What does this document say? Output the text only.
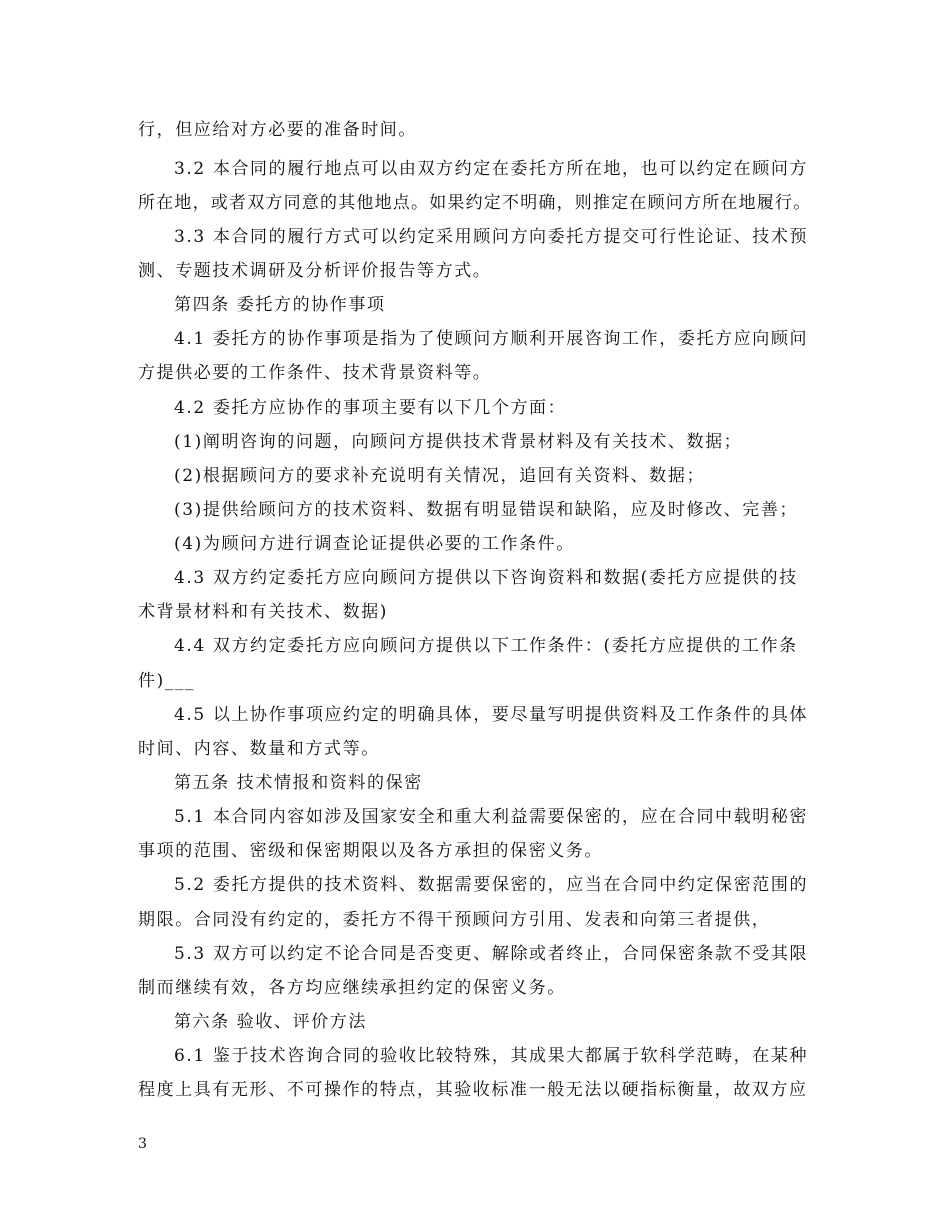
行，但应给对方必要的准备时间。
3.2 本合同的履行地点可以由双方约定在委托方所在地，也可以约定在顾问方
所在地，或者双方同意的其他地点。如果约定不明确，则推定在顾问方所在地履行。
3.3 本合同的履行方式可以约定采用顾问方向委托方提交可行性论证、技术预
测、专题技术调研及分析评价报告等方式。
第四条 委托方的协作事项
4.1 委托方的协作事项是指为了使顾问方顺利开展咨询工作，委托方应向顾问
方提供必要的工作条件、技术背景资料等。
4.2 委托方应协作的事项主要有以下几个方面：
(1)阐明咨询的问题，向顾问方提供技术背景材料及有关技术、数据；
(2)根据顾问方的要求补充说明有关情况，追回有关资料、数据；
(3)提供给顾问方的技术资料、数据有明显错误和缺陷，应及时修改、完善；
(4)为顾问方进行调查论证提供必要的工作条件。
4.3 双方约定委托方应向顾问方提供以下咨询资料和数据(委托方应提供的技
术背景材料和有关技术、数据)
4.4 双方约定委托方应向顾问方提供以下工作条件：(委托方应提供的工作条
件)___
4.5 以上协作事项应约定的明确具体，要尽量写明提供资料及工作条件的具体
时间、内容、数量和方式等。
第五条 技术情报和资料的保密
5.1 本合同内容如涉及国家安全和重大利益需要保密的，应在合同中载明秘密
事项的范围、密级和保密期限以及各方承担的保密义务。
5.2 委托方提供的技术资料、数据需要保密的，应当在合同中约定保密范围的
期限。合同没有约定的，委托方不得干预顾问方引用、发表和向第三者提供，
5.3 双方可以约定不论合同是否变更、解除或者终止，合同保密条款不受其限
制而继续有效，各方均应继续承担约定的保密义务。
第六条 验收、评价方法
6.1 鉴于技术咨询合同的验收比较特殊，其成果大都属于软科学范畴，在某种
程度上具有无形、不可操作的特点，其验收标准一般无法以硬指标衡量，故双方应
3
